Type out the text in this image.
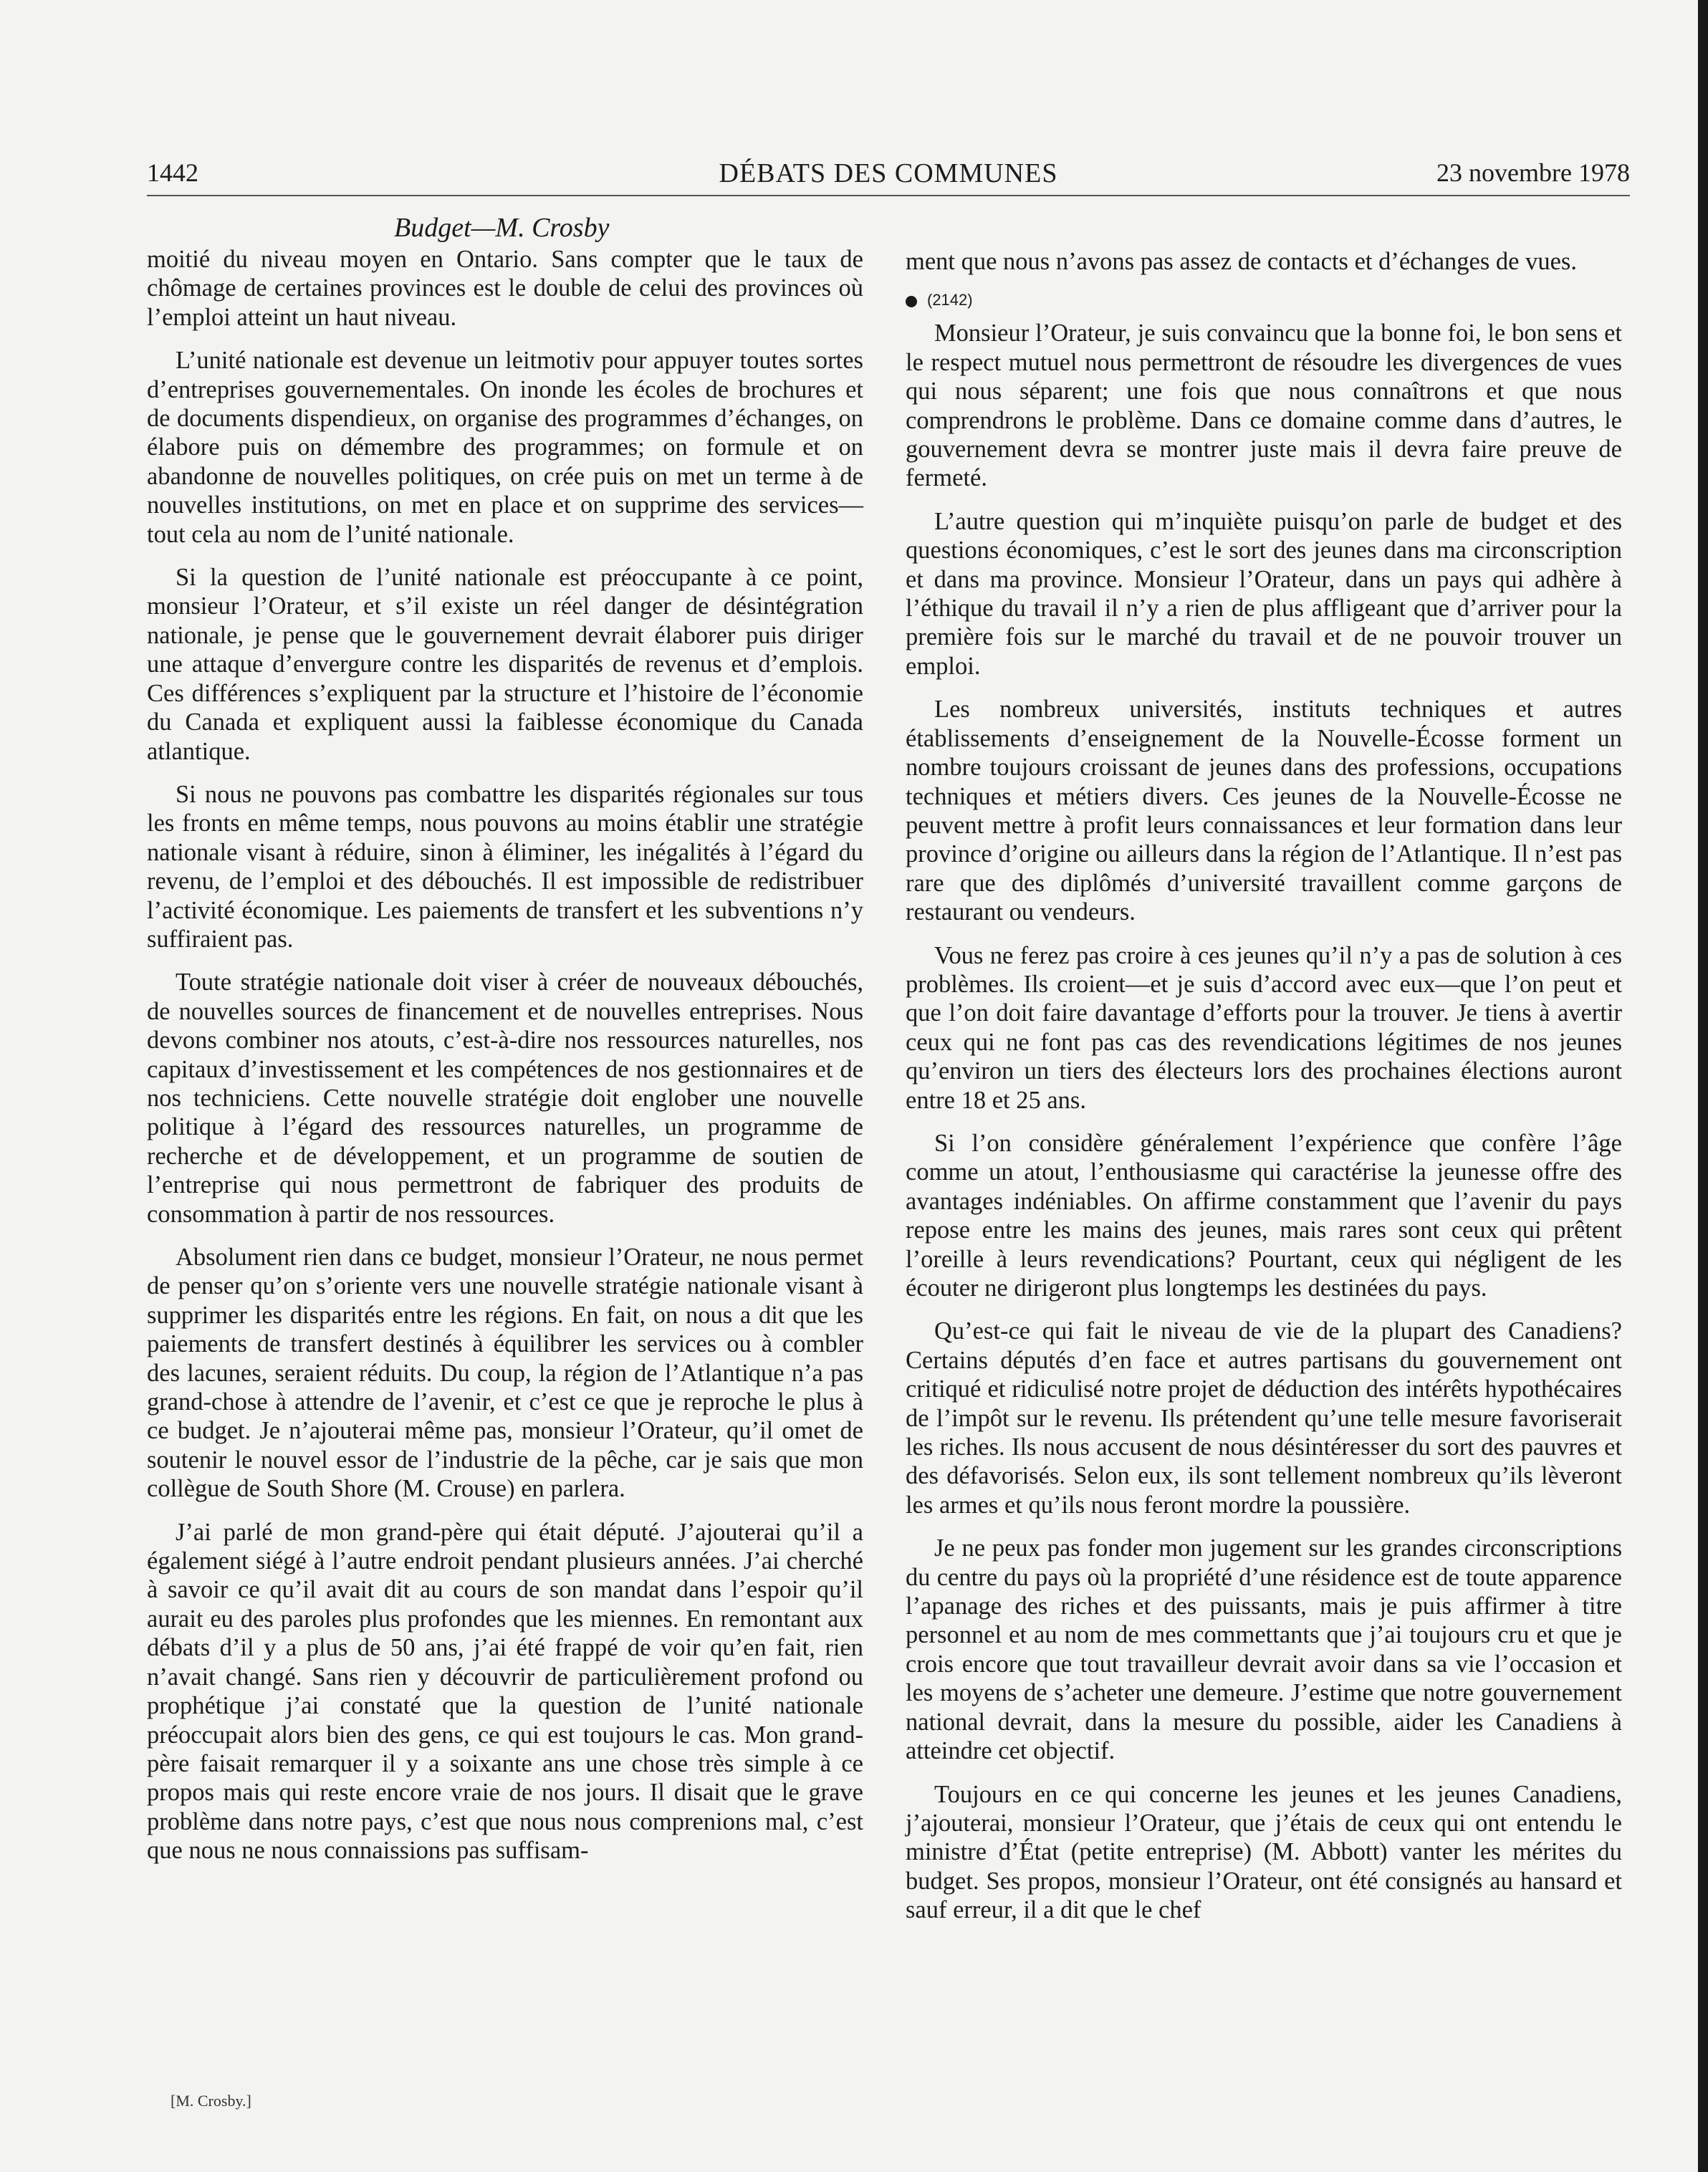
1442	DÉBATS DES COMMUNES	23 novembre 1978
Budget—M. Crosby

moitié du niveau moyen en Ontario. Sans compter que le taux de chômage de certaines provinces est le double de celui des provinces où l’emploi atteint un haut niveau.

L’unité nationale est devenue un leitmotiv pour appuyer toutes sortes d’entreprises gouvernementales. On inonde les écoles de brochures et de documents dispendieux, on organise des programmes d’échanges, on élabore puis on démembre des programmes; on formule et on abandonne de nouvelles politiques, on crée puis on met un terme à de nouvelles institutions, on met en place et on supprime des services—tout cela au nom de l’unité nationale.

Si la question de l’unité nationale est préoccupante à ce point, monsieur l’Orateur, et s’il existe un réel danger de désintégration nationale, je pense que le gouvernement devrait élaborer puis diriger une attaque d’envergure contre les disparités de revenus et d’emplois. Ces différences s’expliquent par la structure et l’histoire de l’économie du Canada et expliquent aussi la faiblesse économique du Canada atlantique.

Si nous ne pouvons pas combattre les disparités régionales sur tous les fronts en même temps, nous pouvons au moins établir une stratégie nationale visant à réduire, sinon à éliminer, les inégalités à l’égard du revenu, de l’emploi et des débouchés. Il est impossible de redistribuer l’activité économique. Les paiements de transfert et les subventions n’y suffiraient pas.

Toute stratégie nationale doit viser à créer de nouveaux débouchés, de nouvelles sources de financement et de nouvelles entreprises. Nous devons combiner nos atouts, c’est-à-dire nos ressources naturelles, nos capitaux d’investissement et les compétences de nos gestionnaires et de nos techniciens. Cette nouvelle stratégie doit englober une nouvelle politique à l’égard des ressources naturelles, un programme de recherche et de développement, et un programme de soutien de l’entreprise qui nous permettront de fabriquer des produits de consommation à partir de nos ressources.

Absolument rien dans ce budget, monsieur l’Orateur, ne nous permet de penser qu’on s’oriente vers une nouvelle stratégie nationale visant à supprimer les disparités entre les régions. En fait, on nous a dit que les paiements de transfert destinés à équilibrer les services ou à combler des lacunes, seraient réduits. Du coup, la région de l’Atlantique n’a pas grand-chose à attendre de l’avenir, et c’est ce que je reproche le plus à ce budget. Je n’ajouterai même pas, monsieur l’Orateur, qu’il omet de soutenir le nouvel essor de l’industrie de la pêche, car je sais que mon collègue de South Shore (M. Crouse) en parlera.

J’ai parlé de mon grand-père qui était député. J’ajouterai qu’il a également siégé à l’autre endroit pendant plusieurs années. J’ai cherché à savoir ce qu’il avait dit au cours de son mandat dans l’espoir qu’il aurait eu des paroles plus profondes que les miennes. En remontant aux débats d’il y a plus de 50 ans, j’ai été frappé de voir qu’en fait, rien n’avait changé. Sans rien y découvrir de particulièrement profond ou prophétique j’ai constaté que la question de l’unité nationale préoccupait alors bien des gens, ce qui est toujours le cas. Mon grand-père faisait remarquer il y a soixante ans une chose très simple à ce propos mais qui reste encore vraie de nos jours. Il disait que le grave problème dans notre pays, c’est que nous nous comprenions mal, c’est que nous ne nous connaissions pas suffisam-

ment que nous n’avons pas assez de contacts et d’échanges de vues.

(2142)

Monsieur l’Orateur, je suis convaincu que la bonne foi, le bon sens et le respect mutuel nous permettront de résoudre les divergences de vues qui nous séparent; une fois que nous connaîtrons et que nous comprendrons le problème. Dans ce domaine comme dans d’autres, le gouvernement devra se montrer juste mais il devra faire preuve de fermeté.

L’autre question qui m’inquiète puisqu’on parle de budget et des questions économiques, c’est le sort des jeunes dans ma circonscription et dans ma province. Monsieur l’Orateur, dans un pays qui adhère à l’éthique du travail il n’y a rien de plus affligeant que d’arriver pour la première fois sur le marché du travail et de ne pouvoir trouver un emploi.

Les nombreux universités, instituts techniques et autres établissements d’enseignement de la Nouvelle-Écosse forment un nombre toujours croissant de jeunes dans des professions, occupations techniques et métiers divers. Ces jeunes de la Nouvelle-Écosse ne peuvent mettre à profit leurs connaissances et leur formation dans leur province d’origine ou ailleurs dans la région de l’Atlantique. Il n’est pas rare que des diplômés d’université travaillent comme garçons de restaurant ou vendeurs.

Vous ne ferez pas croire à ces jeunes qu’il n’y a pas de solution à ces problèmes. Ils croient—et je suis d’accord avec eux—que l’on peut et que l’on doit faire davantage d’efforts pour la trouver. Je tiens à avertir ceux qui ne font pas cas des revendications légitimes de nos jeunes qu’environ un tiers des électeurs lors des prochaines élections auront entre 18 et 25 ans.

Si l’on considère généralement l’expérience que confère l’âge comme un atout, l’enthousiasme qui caractérise la jeunesse offre des avantages indéniables. On affirme constamment que l’avenir du pays repose entre les mains des jeunes, mais rares sont ceux qui prêtent l’oreille à leurs revendications? Pourtant, ceux qui négligent de les écouter ne dirigeront plus longtemps les destinées du pays.

Qu’est-ce qui fait le niveau de vie de la plupart des Canadiens? Certains députés d’en face et autres partisans du gouvernement ont critiqué et ridiculisé notre projet de déduction des intérêts hypothécaires de l’impôt sur le revenu. Ils prétendent qu’une telle mesure favoriserait les riches. Ils nous accusent de nous désintéresser du sort des pauvres et des défavorisés. Selon eux, ils sont tellement nombreux qu’ils lèveront les armes et qu’ils nous feront mordre la poussière.

Je ne peux pas fonder mon jugement sur les grandes circonscriptions du centre du pays où la propriété d’une résidence est de toute apparence l’apanage des riches et des puissants, mais je puis affirmer à titre personnel et au nom de mes commettants que j’ai toujours cru et que je crois encore que tout travailleur devrait avoir dans sa vie l’occasion et les moyens de s’acheter une demeure. J’estime que notre gouvernement national devrait, dans la mesure du possible, aider les Canadiens à atteindre cet objectif.

Toujours en ce qui concerne les jeunes et les jeunes Canadiens, j’ajouterai, monsieur l’Orateur, que j’étais de ceux qui ont entendu le ministre d’État (petite entreprise) (M. Abbott) vanter les mérites du budget. Ses propos, monsieur l’Orateur, ont été consignés au hansard et sauf erreur, il a dit que le chef

[M. Crosby.]
